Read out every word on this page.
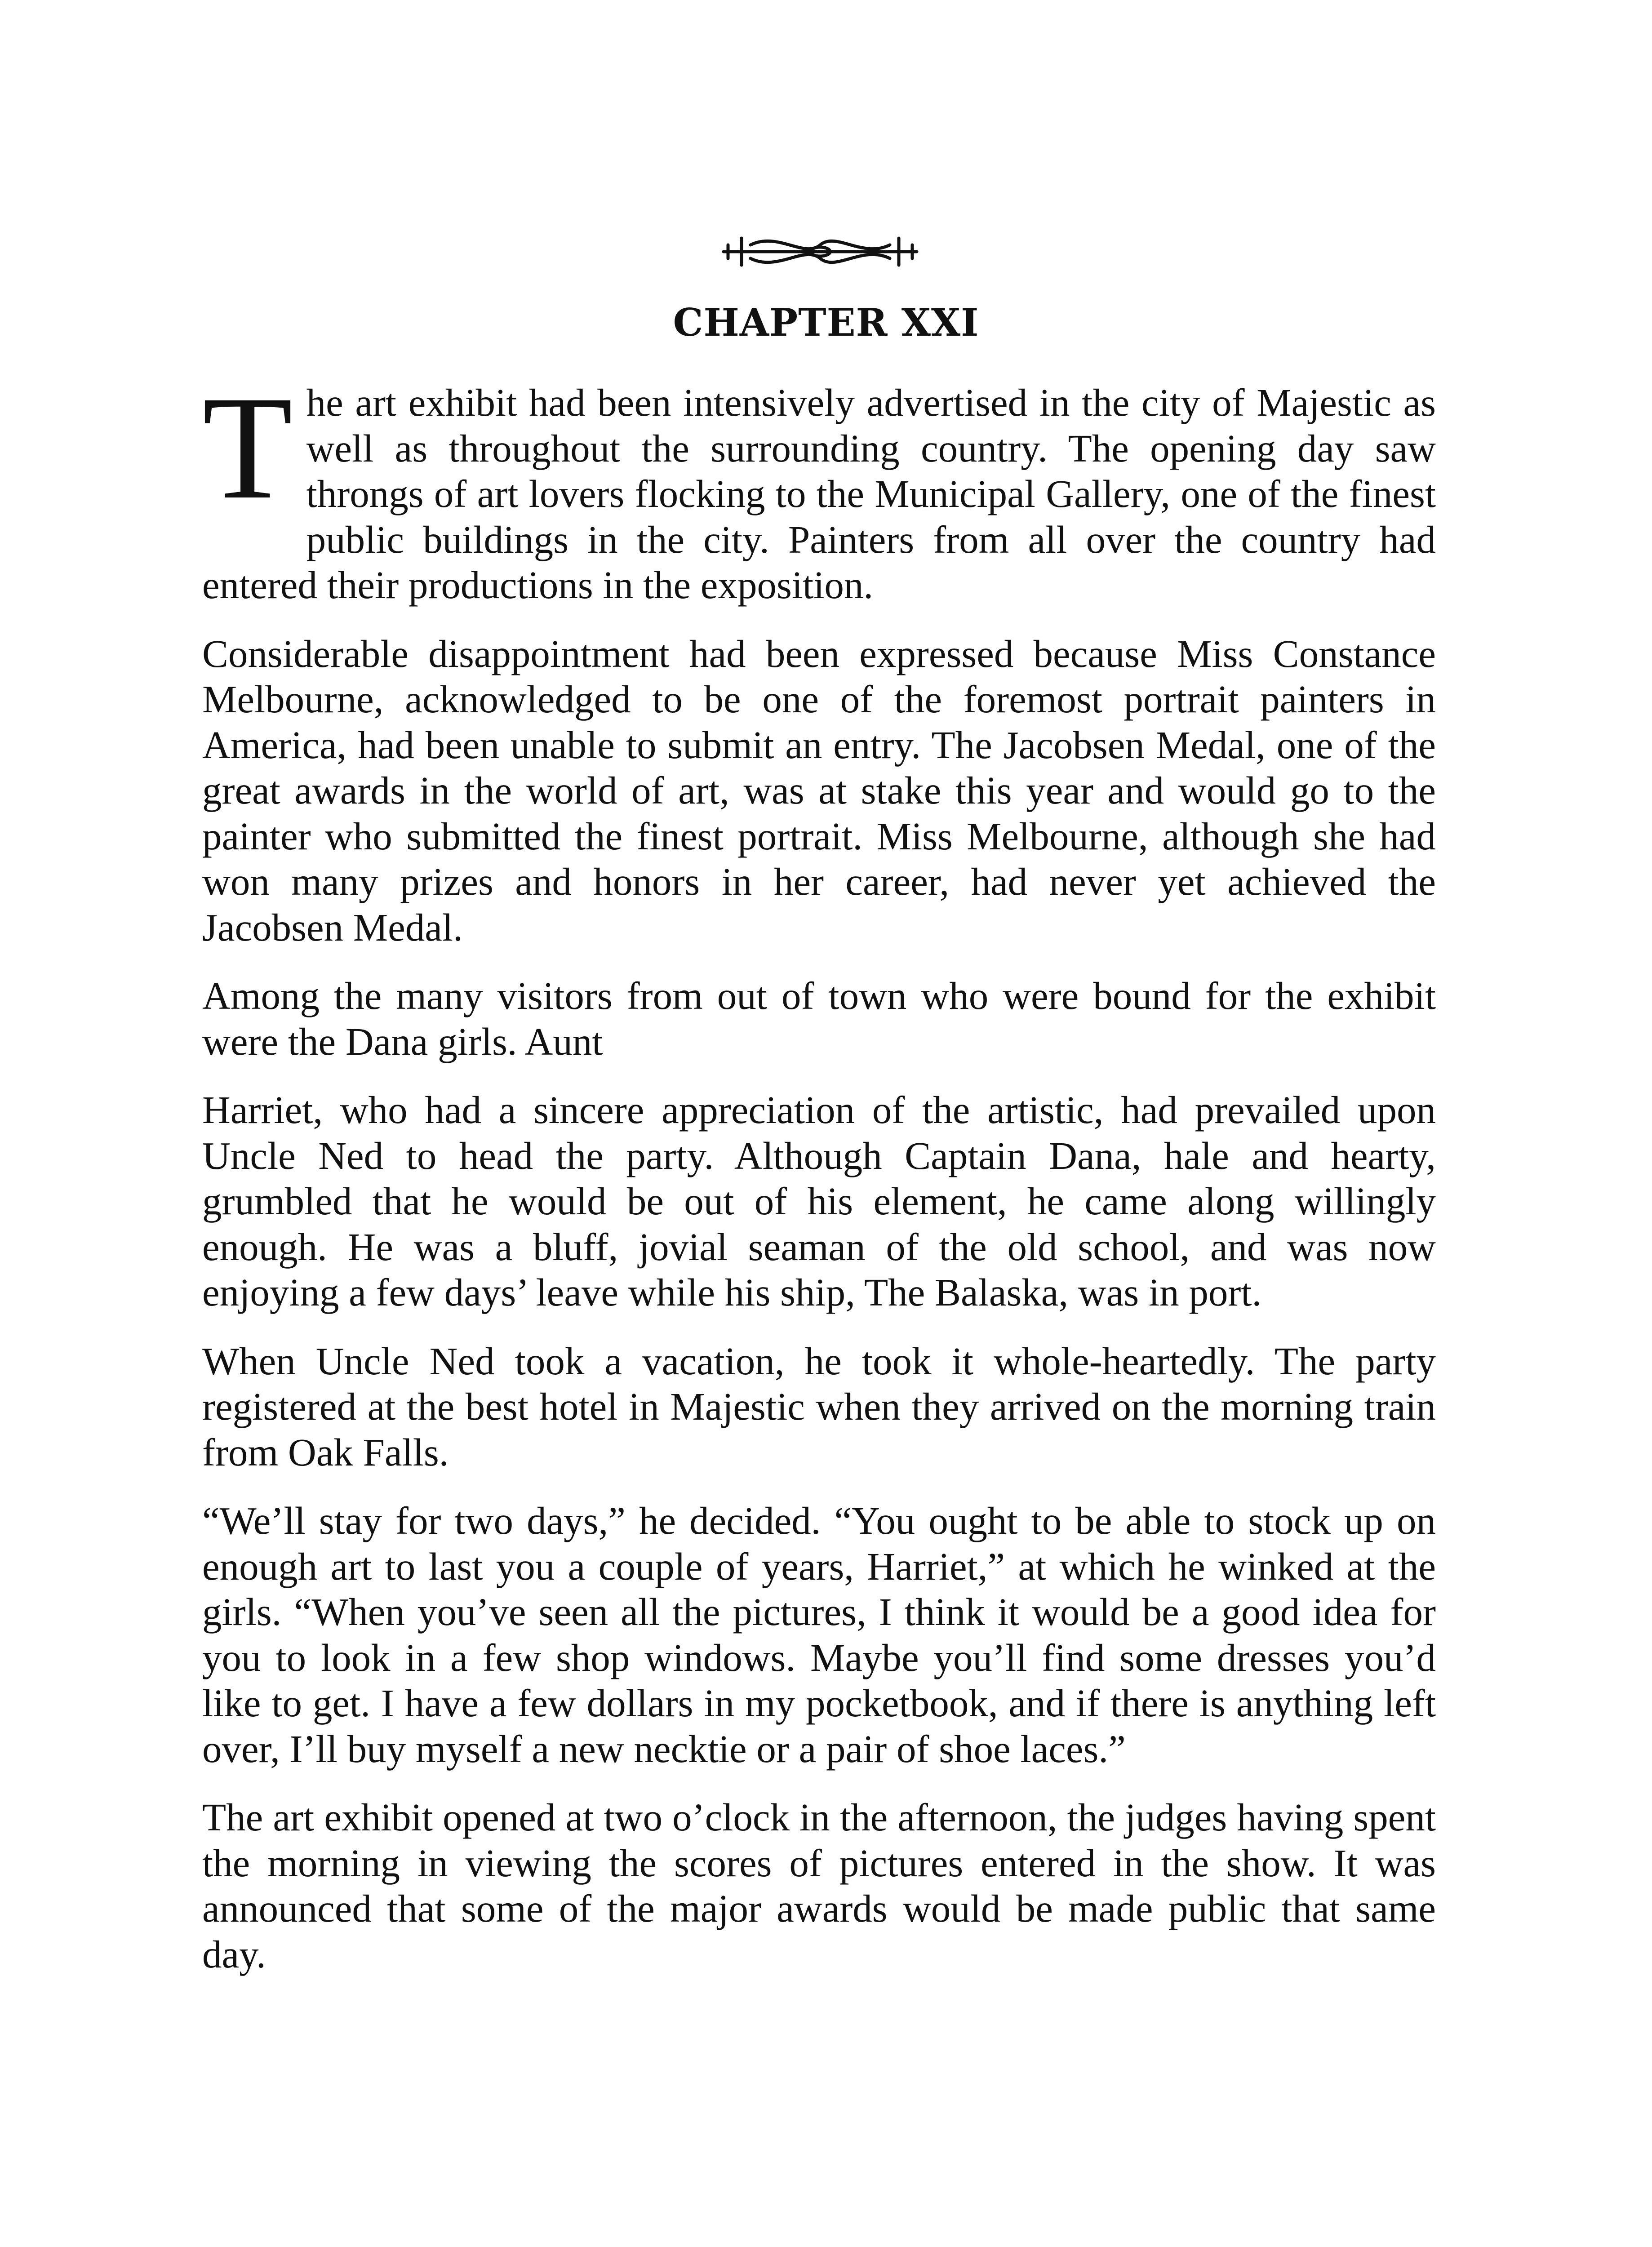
CHAPTER XXI

The art exhibit had been intensively advertised in the city of Majestic as well as throughout the surrounding country. The opening day saw throngs of art lovers flocking to the Municipal Gallery, one of the finest public buildings in the city. Painters from all over the country had entered their productions in the exposition.

Considerable disappointment had been expressed because Miss Constance Melbourne, acknowledged to be one of the foremost portrait painters in America, had been unable to submit an entry. The Jacobsen Medal, one of the great awards in the world of art, was at stake this year and would go to the painter who submitted the finest portrait. Miss Melbourne, although she had won many prizes and honors in her career, had never yet achieved the Jacobsen Medal.

Among the many visitors from out of town who were bound for the exhibit were the Dana girls. Aunt

Harriet, who had a sincere appreciation of the artistic, had prevailed upon Uncle Ned to head the party. Although Captain Dana, hale and hearty, grumbled that he would be out of his element, he came along willingly enough. He was a bluff, jovial seaman of the old school, and was now enjoying a few days’ leave while his ship, The Balaska, was in port.

When Uncle Ned took a vacation, he took it whole-heartedly. The party registered at the best hotel in Majestic when they arrived on the morning train from Oak Falls.

“We’ll stay for two days,” he decided. “You ought to be able to stock up on enough art to last you a couple of years, Harriet,” at which he winked at the girls. “When you’ve seen all the pictures, I think it would be a good idea for you to look in a few shop windows. Maybe you’ll find some dresses you’d like to get. I have a few dollars in my pocketbook, and if there is anything left over, I’ll buy myself a new necktie or a pair of shoe laces.”

The art exhibit opened at two o’clock in the afternoon, the judges having spent the morning in viewing the scores of pictures entered in the show. It was announced that some of the major awards would be made public that same day.
